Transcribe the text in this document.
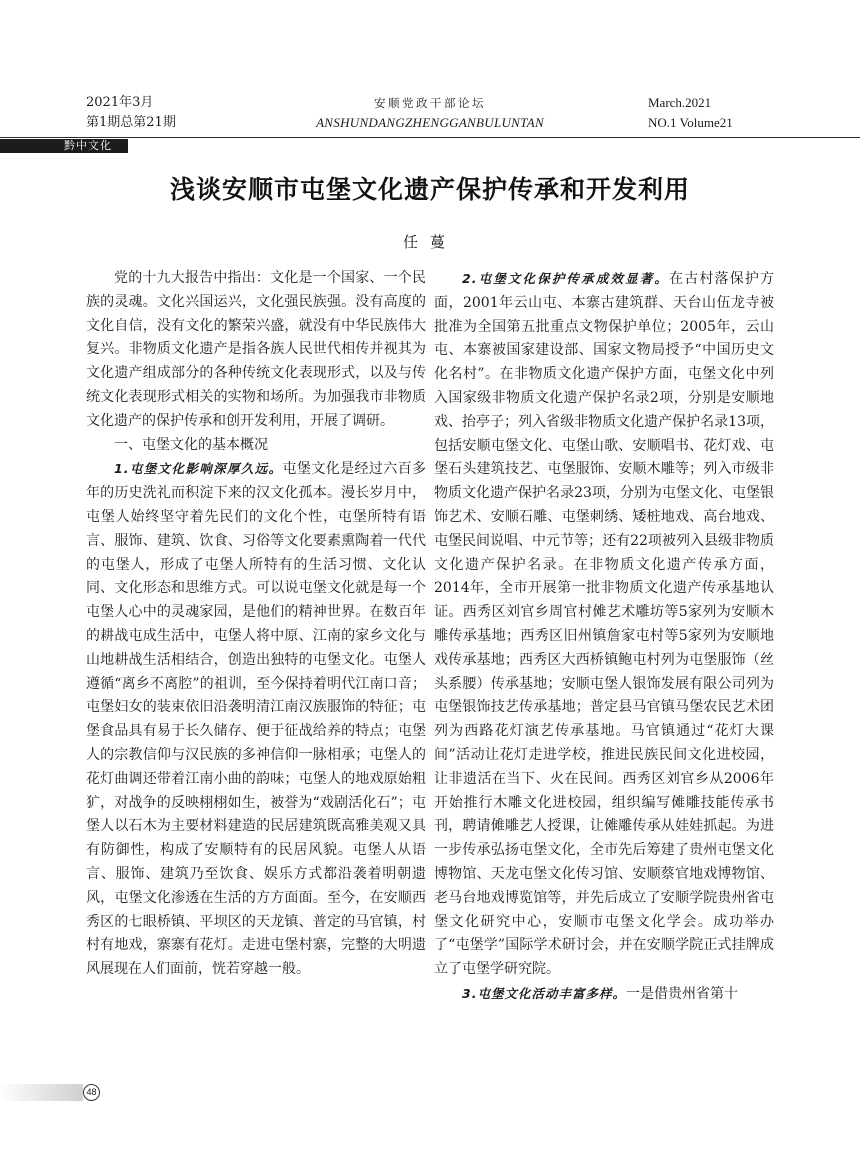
2021年3月
第1期总第21期
安顺党政干部论坛
ANSHUNDANGZHENGGANBULUNTAN
March.2021
NO.1 Volume21
黔中文化
浅谈安顺市屯堡文化遗产保护传承和开发利用
任蔓

党的十九大报告中指出：文化是一个国家、一个民族的灵魂。文化兴国运兴，文化强民族强。没有高度的文化自信，没有文化的繁荣兴盛，就没有中华民族伟大复兴。非物质文化遗产是指各族人民世代相传并视其为文化遗产组成部分的各种传统文化表现形式，以及与传统文化表现形式相关的实物和场所。为加强我市非物质文化遗产的保护传承和创开发利用，开展了调研。

一、屯堡文化的基本概况

1.屯堡文化影响深厚久远。屯堡文化是经过六百多年的历史洗礼而积淀下来的汉文化孤本。漫长岁月中，屯堡人始终坚守着先民们的文化个性，屯堡所特有语言、服饰、建筑、饮食、习俗等文化要素熏陶着一代代的屯堡人，形成了屯堡人所特有的生活习惯、文化认同、文化形态和思维方式。可以说屯堡文化就是每一个屯堡人心中的灵魂家园，是他们的精神世界。在数百年的耕战屯成生活中，屯堡人将中原、江南的家乡文化与山地耕战生活相结合，创造出独特的屯堡文化。屯堡人遵循“离乡不离腔”的祖训，至今保持着明代江南口音；屯堡妇女的装束依旧沿袭明清江南汉族服饰的特征；屯堡食品具有易于长久储存、便于征战给养的特点；屯堡人的宗教信仰与汉民族的多神信仰一脉相承；屯堡人的花灯曲调还带着江南小曲的韵味；屯堡人的地戏原始粗犷，对战争的反映栩栩如生，被誉为“戏剧活化石”；屯堡人以石木为主要材料建造的民居建筑既高雅美观又具有防御性，构成了安顺特有的民居风貌。屯堡人从语言、服饰、建筑乃至饮食、娱乐方式都沿袭着明朝遗风，屯堡文化渗透在生活的方方面面。至今，在安顺西秀区的七眼桥镇、平坝区的天龙镇、普定的马官镇，村村有地戏，寨寨有花灯。走进屯堡村寨，完整的大明遗风展现在人们面前，恍若穿越一般。

2.屯堡文化保护传承成效显著。在古村落保护方面，2001年云山屯、本寨古建筑群、天台山伍龙寺被批准为全国第五批重点文物保护单位；2005年，云山屯、本寨被国家建设部、国家文物局授予“中国历史文化名村”。在非物质文化遗产保护方面，屯堡文化中列入国家级非物质文化遗产保护名录2项，分别是安顺地戏、抬亭子；列入省级非物质文化遗产保护名录13项，包括安顺屯堡文化、屯堡山歌、安顺唱书、花灯戏、屯堡石头建筑技艺、屯堡服饰、安顺木雕等；列入市级非物质文化遗产保护名录23项，分别为屯堡文化、屯堡银饰艺术、安顺石雕、屯堡刺绣、矮桩地戏、高台地戏、屯堡民间说唱、中元节等；还有22项被列入县级非物质文化遗产保护名录。在非物质文化遗产传承方面，2014年，全市开展第一批非物质文化遗产传承基地认证。西秀区刘官乡周官村傩艺术雕坊等5家列为安顺木雕传承基地；西秀区旧州镇詹家屯村等5家列为安顺地戏传承基地；西秀区大西桥镇鲍屯村列为屯堡服饰（丝头系腰）传承基地；安顺屯堡人银饰发展有限公司列为屯堡银饰技艺传承基地；普定县马官镇马堡农民艺术团列为西路花灯演艺传承基地。马官镇通过“花灯大课间”活动让花灯走进学校，推进民族民间文化进校园，让非遗活在当下、火在民间。西秀区刘官乡从2006年开始推行木雕文化进校园，组织编写傩雕技能传承书刊，聘请傩雕艺人授课，让傩雕传承从娃娃抓起。为进一步传承弘扬屯堡文化，全市先后筹建了贵州屯堡文化博物馆、天龙屯堡文化传习馆、安顺蔡官地戏博物馆、老马台地戏博览馆等，并先后成立了安顺学院贵州省屯堡文化研究中心，安顺市屯堡文化学会。成功举办了“屯堡学”国际学术研讨会，并在安顺学院正式挂牌成立了屯堡学研究院。

3.屯堡文化活动丰富多样。一是借贵州省第十

48
